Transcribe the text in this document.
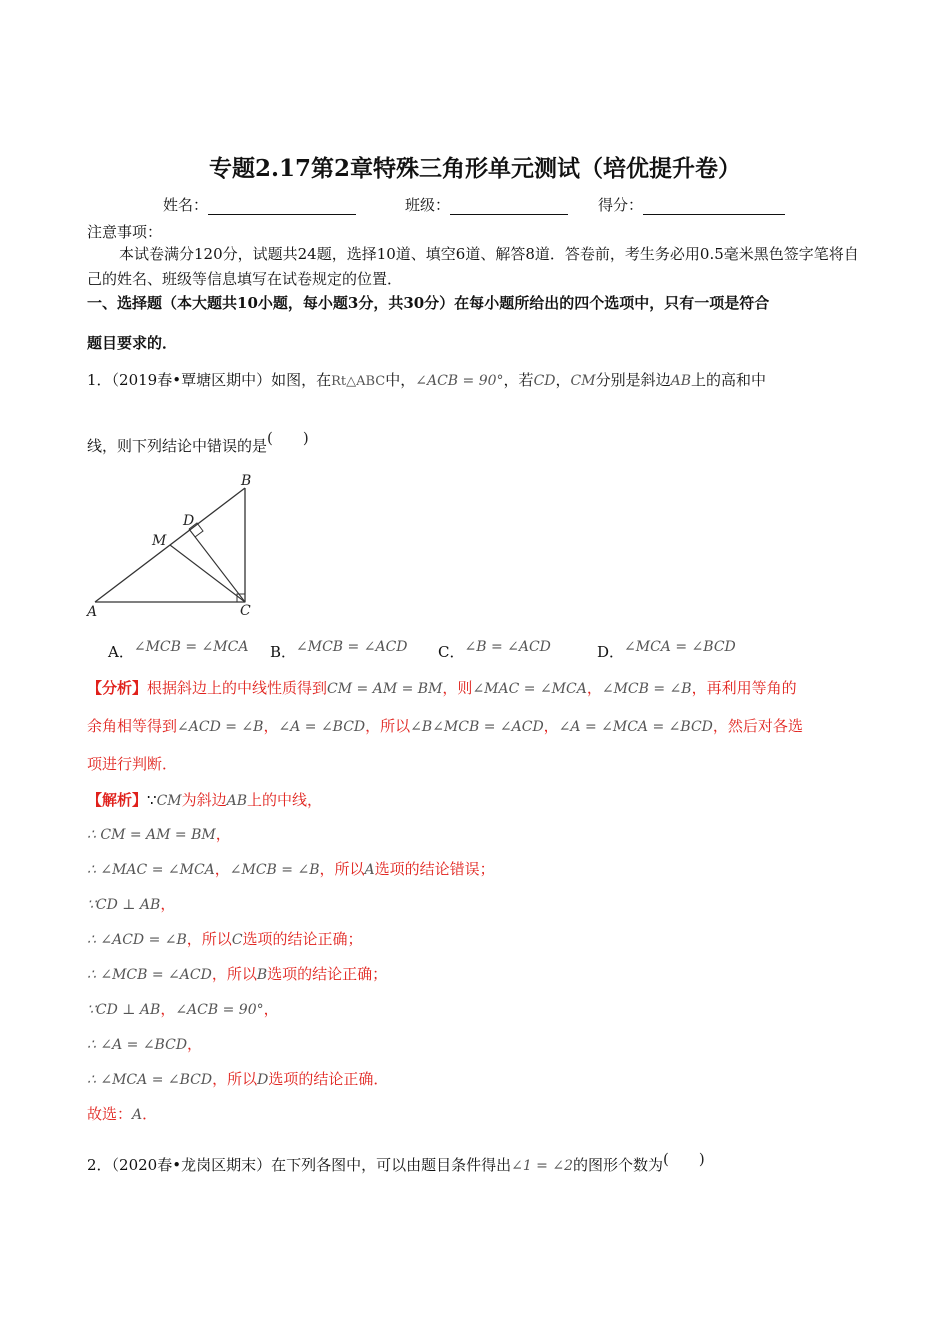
专题2.17第2章特殊三角形单元测试（培优提升卷）
姓名：	班级：	得分：
注意事项：
本试卷满分120分，试题共24题，选择10道、填空6道、解答8道．答卷前，考生务必用0.5毫米黑色签字笔将自己的姓名、班级等信息填写在试卷规定的位置．
一、选择题（本大题共10小题，每小题3分，共30分）在每小题所给出的四个选项中，只有一项是符合
题目要求的．
1．（2019春•覃塘区期中）如图，在Rt△ABC中，∠ACB = 90°，若CD，CM分别是斜边AB上的高和中
线，则下列结论中错误的是(　　)
A	C
B
D
M
A．∠MCB = ∠MCA B．∠MCB = ∠ACD C．∠B = ∠ACD	D．∠MCA = ∠BCD
【分析】根据斜边上的中线性质得到CM = AM = BM，则∠MAC = ∠MCA，∠MCB = ∠B，再利用等角的
余角相等得到∠ACD = ∠B，∠A = ∠BCD，所以∠B∠MCB = ∠ACD，∠A = ∠MCA = ∠BCD，然后对各选
项进行判断．
【解析】∵CM为斜边AB上的中线，
∴ CM = AM = BM，
∴ ∠MAC = ∠MCA，∠MCB = ∠B，所以A选项的结论错误；
∵CD ⊥ AB，
∴ ∠ACD = ∠B，所以C选项的结论正确；
∴ ∠MCB = ∠ACD，所以B选项的结论正确；
∵CD ⊥ AB，∠ACB = 90°，
∴ ∠A = ∠BCD，
∴ ∠MCA = ∠BCD，所以D选项的结论正确．
故选：A．
2．（2020春•龙岗区期末）在下列各图中，可以由题目条件得出∠1 = ∠2的图形个数为(　　)
